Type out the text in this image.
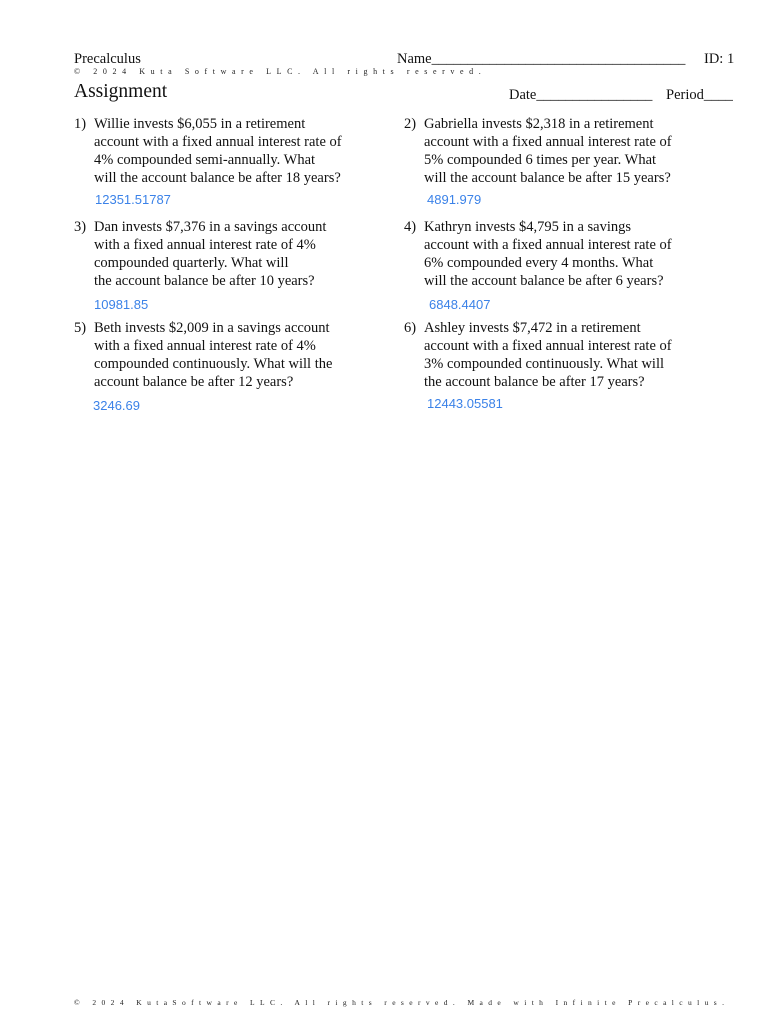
Precalculus	Name___________________________________ ID: 1
© 2024 Kuta Software LLC. All rights reserved.
Assignment	Date________________ Period____
1) Willie invests $6,055 in a retirement
account with a fixed annual interest rate of
4% compounded semi-annually. What
will the account balance be after 18 years?
12351.51787
2) Gabriella invests $2,318 in a retirement
account with a fixed annual interest rate of
5% compounded 6 times per year. What
will the account balance be after 15 years?
4891.979
3) Dan invests $7,376 in a savings account
with a fixed annual interest rate of 4%
compounded quarterly. What will
the account balance be after 10 years?
10981.85
4) Kathryn invests $4,795 in a savings
account with a fixed annual interest rate of
6% compounded every 4 months. What
will the account balance be after 6 years?
6848.4407
5) Beth invests $2,009 in a savings account
with a fixed annual interest rate of 4%
compounded continuously. What will the
account balance be after 12 years?
3246.69
6) Ashley invests $7,472 in a retirement
account with a fixed annual interest rate of
3% compounded continuously. What will
the account balance be after 17 years?
12443.05581
© 2024 KutaSoftware LLC. All rights reserved. Made with Infinite Precalculus.
